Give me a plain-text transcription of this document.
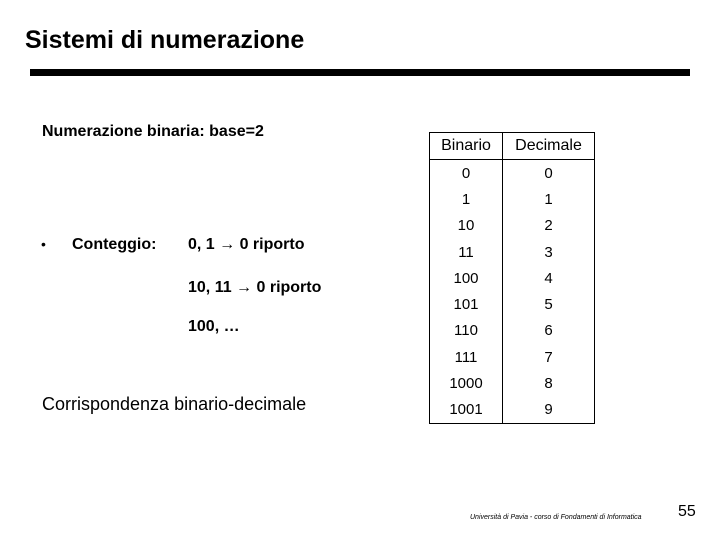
Sistemi di numerazione
Numerazione binaria: base=2
• Conteggio: 0, 1 → 0 riporto
10, 11 → 0 riporto
100, …
Corrispondenza binario-decimale
Binario	Decimale
0	0
1	1
10	2
11	3
100	4
101	5
110	6
111	7
1000	8
1001	9
Università di Pavia - corso di Fondamenti di Informatica 55
